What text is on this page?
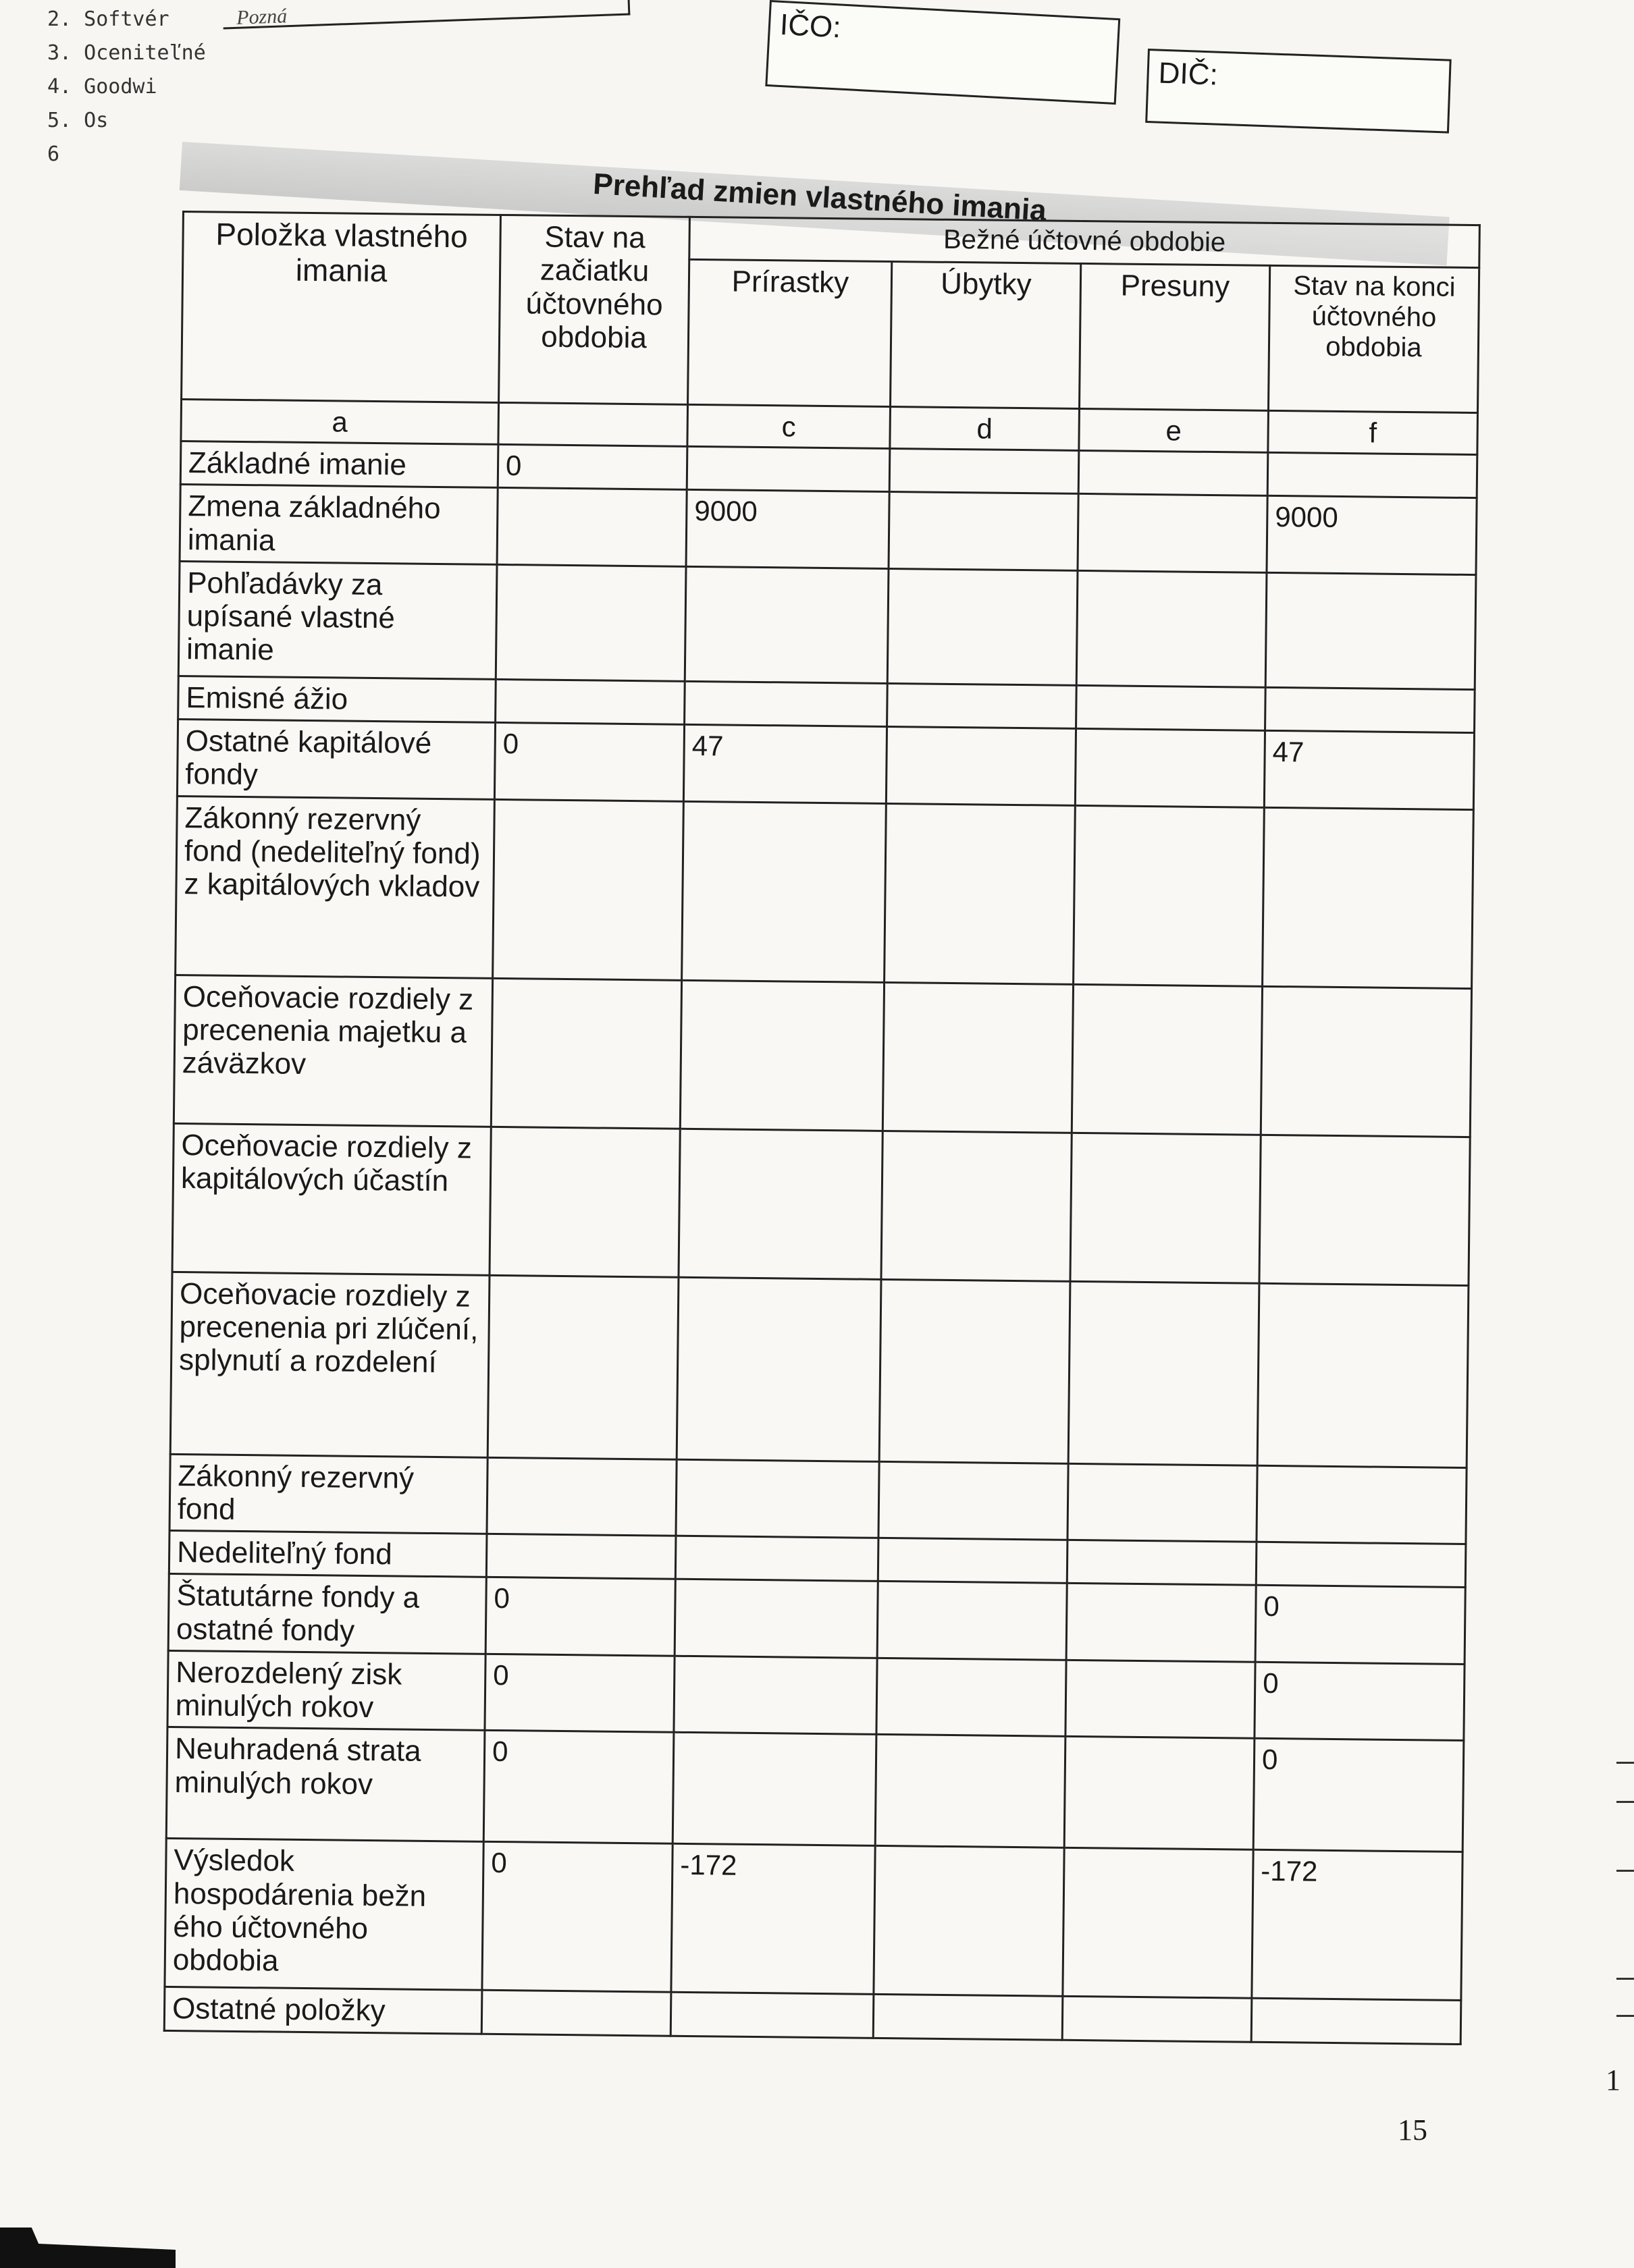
2. Softvér
3. Oceniteľné
4. Goodwi
5. Os
6
Pozná	IČO:
DIČ:
Prehľad zmien vlastného imania
Položka vlastného imania	Stav na začiatku účtovného obdobia	Bežné účtovné obdobie			
		Prírastky	Úbytky	Presuny	Stav na konci účtovného obdobia
a		c	d	e	f
Základné imanie	0				
Zmena základného imania		9000			9000
Pohľadávky za upísané vlastné imanie					
Emisné ážio					
Ostatné kapitálové fondy	0	47			47
Zákonný rezervný fond (nedeliteľný fond) z kapitálových vkladov					
Oceňovacie rozdiely z precenenia majetku a záväzkov					
Oceňovacie rozdiely z kapitálových účastín					
Oceňovacie rozdiely z precenenia pri zlúčení, splynutí a rozdelení					
Zákonný rezervný fond					
Nedeliteľný fond					
Štatutárne fondy a ostatné fondy	0				0
Nerozdelený zisk minulých rokov	0				0
Neuhradená strata minulých rokov	0				0
Výsledok hospodárenia bežn ého účtovného obdobia	0	-172			-172
Ostatné položky					
15
1
